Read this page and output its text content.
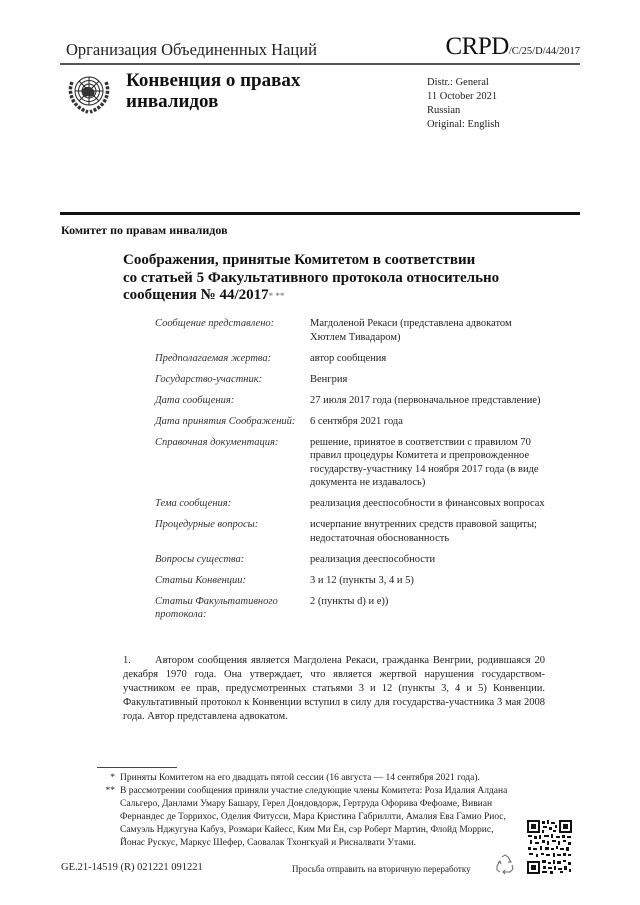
Организация Объединенных Наций	CRPD/C/25/D/44/2017
Конвенция о правах
инвалидов
Distr.: General
11 October 2021
Russian
Original: English
Комитет по правам инвалидов
Соображения, принятые Комитетом в соответствии
со статьей 5 Факультативного протокола относительно
сообщения № 44/2017* **
Сообщение представлено:	Магдоленой Рекаси (представлена адвокатом Хютлем Тивадаром)
Предполагаемая жертва:	автор сообщения
Государство-участник:	Венгрия
Дата сообщения:	27 июля 2017 года (первоначальное представление)
Дата принятия Соображений:	6 сентября 2021 года
Справочная документация:	решение, принятое в соответствии с правилом 70 правил процедуры Комитета и препровожденное государству-участнику 14 ноября 2017 года (в виде документа не издавалось)
Тема сообщения:	реализация дееспособности в финансовых вопросах
Процедурные вопросы:	исчерпание внутренних средств правовой защиты; недостаточная обоснованность
Вопросы существа:	реализация дееспособности
Статьи Конвенции:	3 и 12 (пункты 3, 4 и 5)
Статьи Факультативного протокола:
2 (пункты d) и e))
1. Автором сообщения является Магдолена Рекаси, гражданка Венгрии, родившаяся 20 декабря 1970 года. Она утверждает, что является жертвой нарушения государством-участником ее прав, предусмотренных статьями 3 и 12 (пункты 3, 4 и 5) Конвенции. Факультативный протокол к Конвенции вступил в силу для государства-участника 3 мая 2008 года. Автор представлена адвокатом.
* Приняты Комитетом на его двадцать пятой сессии (16 августа — 14 сентября 2021 года).
** В рассмотрении сообщения приняли участие следующие члены Комитета: Роза Идалия Алдана Сальгеро, Данлами Умару Башару, Герел Дондовдорж, Гертруда Офорива Фефоаме, Вивиан Фернандес де Торрихос, Оделия Фитусси, Мара Кристина Габриллти, Амалия Ева Гамио Риос, Самуэль Нджугуна Кабуэ, Розмари Кайесс, Ким Ми Ён, сэр Роберт Мартин, Флойд Моррис, Йонас Рускус, Маркус Шефер, Саовалак Тхонгкуай и Рисналвати Утами.
GE.21-14519 (R) 021221 091221	Просьба отправить на вторичную переработку
